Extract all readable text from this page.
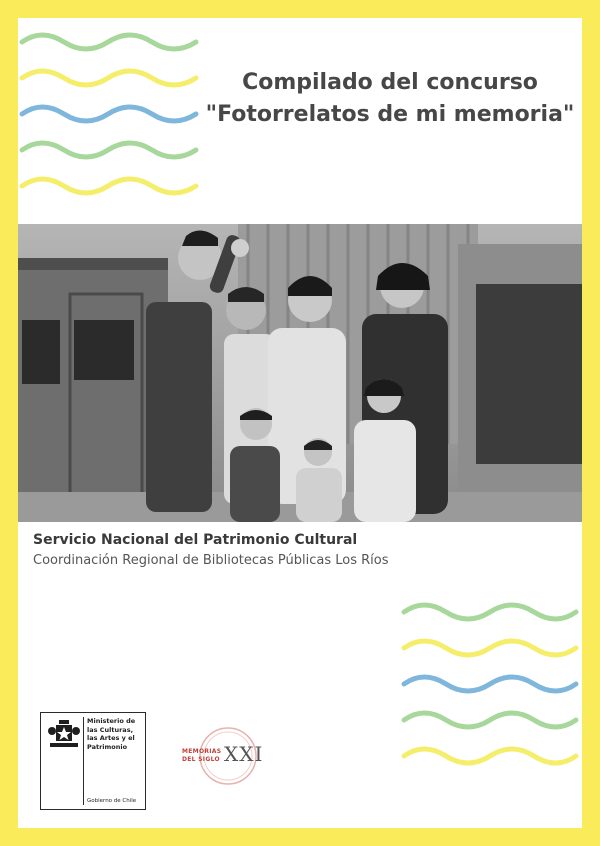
Compilado del concurso
"Fotorrelatos de mi memoria"
Servicio Nacional del Patrimonio Cultural
Coordinación Regional de Bibliotecas Públicas Los Ríos
Ministerio de las Culturas, las Artes y el Patrimonio
Gobierno de Chile
MEMORIAS
DEL SIGLO XXI
